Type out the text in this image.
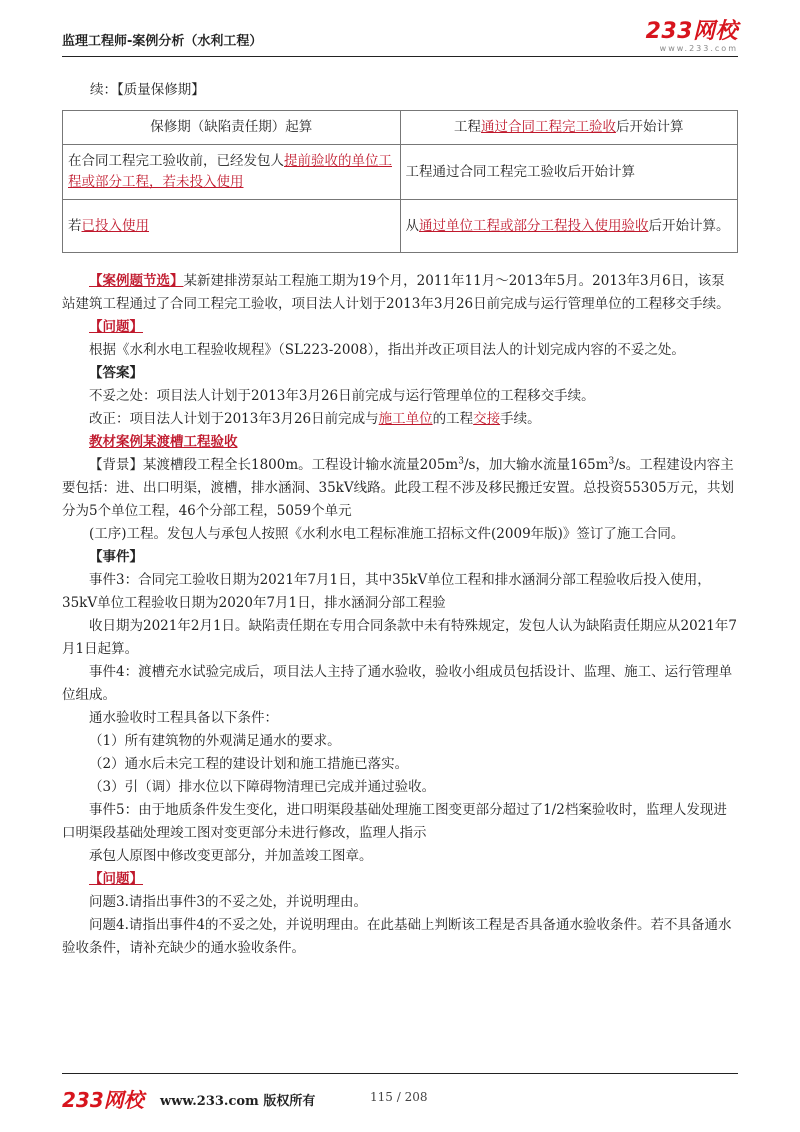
监理工程师-案例分析（水利工程）	233网校
www.233.com
续：【质量保修期】
保修期（缺陷责任期）起算	工程通过合同工程完工验收后开始计算
在合同工程完工验收前，已经发包人提前验收的单位工程或部分工程，若未投入使用	工程通过合同工程完工验收后开始计算
若已投入使用	从通过单位工程或部分工程投入使用验收后开始计算。

【案例题节选】某新建排涝泵站工程施工期为19个月，2011年11月～2013年5月。2013年3月6日，该泵站建筑工程通过了合同工程完工验收，项目法人计划于2013年3月26日前完成与运行管理单位的工程移交手续。

【问题】

根据《水利水电工程验收规程》（SL223-2008），指出并改正项目法人的计划完成内容的不妥之处。

【答案】

不妥之处：项目法人计划于2013年3月26日前完成与运行管理单位的工程移交手续。

改正：项目法人计划于2013年3月26日前完成与施工单位的工程交接手续。

教材案例某渡槽工程验收

【背景】某渡槽段工程全长1800m。工程设计输水流量$205m^3/s$，加大输水流量$165m^3/s$。工程建设内容主要包括：进、出口明渠，渡槽，排水涵洞、35kV线路。此段工程不涉及移民搬迁安置。总投资55305万元，共划分为5个单位工程，46个分部工程，5059个单元

(工序)工程。发包人与承包人按照《水利水电工程标准施工招标文件(2009年版)》签订了施工合同。

【事件】

事件3：合同完工验收日期为2021年7月1日，其中35kV单位工程和排水涵洞分部工程验收后投入使用，35kV单位工程验收日期为2020年7月1日，排水涵洞分部工程验

收日期为2021年2月1日。缺陷责任期在专用合同条款中未有特殊规定，发包人认为缺陷责任期应从2021年7月1日起算。

事件4：渡槽充水试验完成后，项目法人主持了通水验收，验收小组成员包括设计、监理、施工、运行管理单位组成。

通水验收时工程具备以下条件：

（1）所有建筑物的外观满足通水的要求。

（2）通水后未完工程的建设计划和施工措施已落实。

（3）引（调）排水位以下障碍物清理已完成并通过验收。

事件5：由于地质条件发生变化，进口明渠段基础处理施工图变更部分超过了1/2档案验收时，监理人发现进口明渠段基础处理竣工图对变更部分未进行修改，监理人指示

承包人原图中修改变更部分，并加盖竣工图章。

【问题】

问题3.请指出事件3的不妥之处，并说明理由。

问题4.请指出事件4的不妥之处，并说明理由。在此基础上判断该工程是否具备通水验收条件。若不具备通水验收条件，请补充缺少的通水验收条件。

233网校 www.233.com 版权所有	115 / 208
